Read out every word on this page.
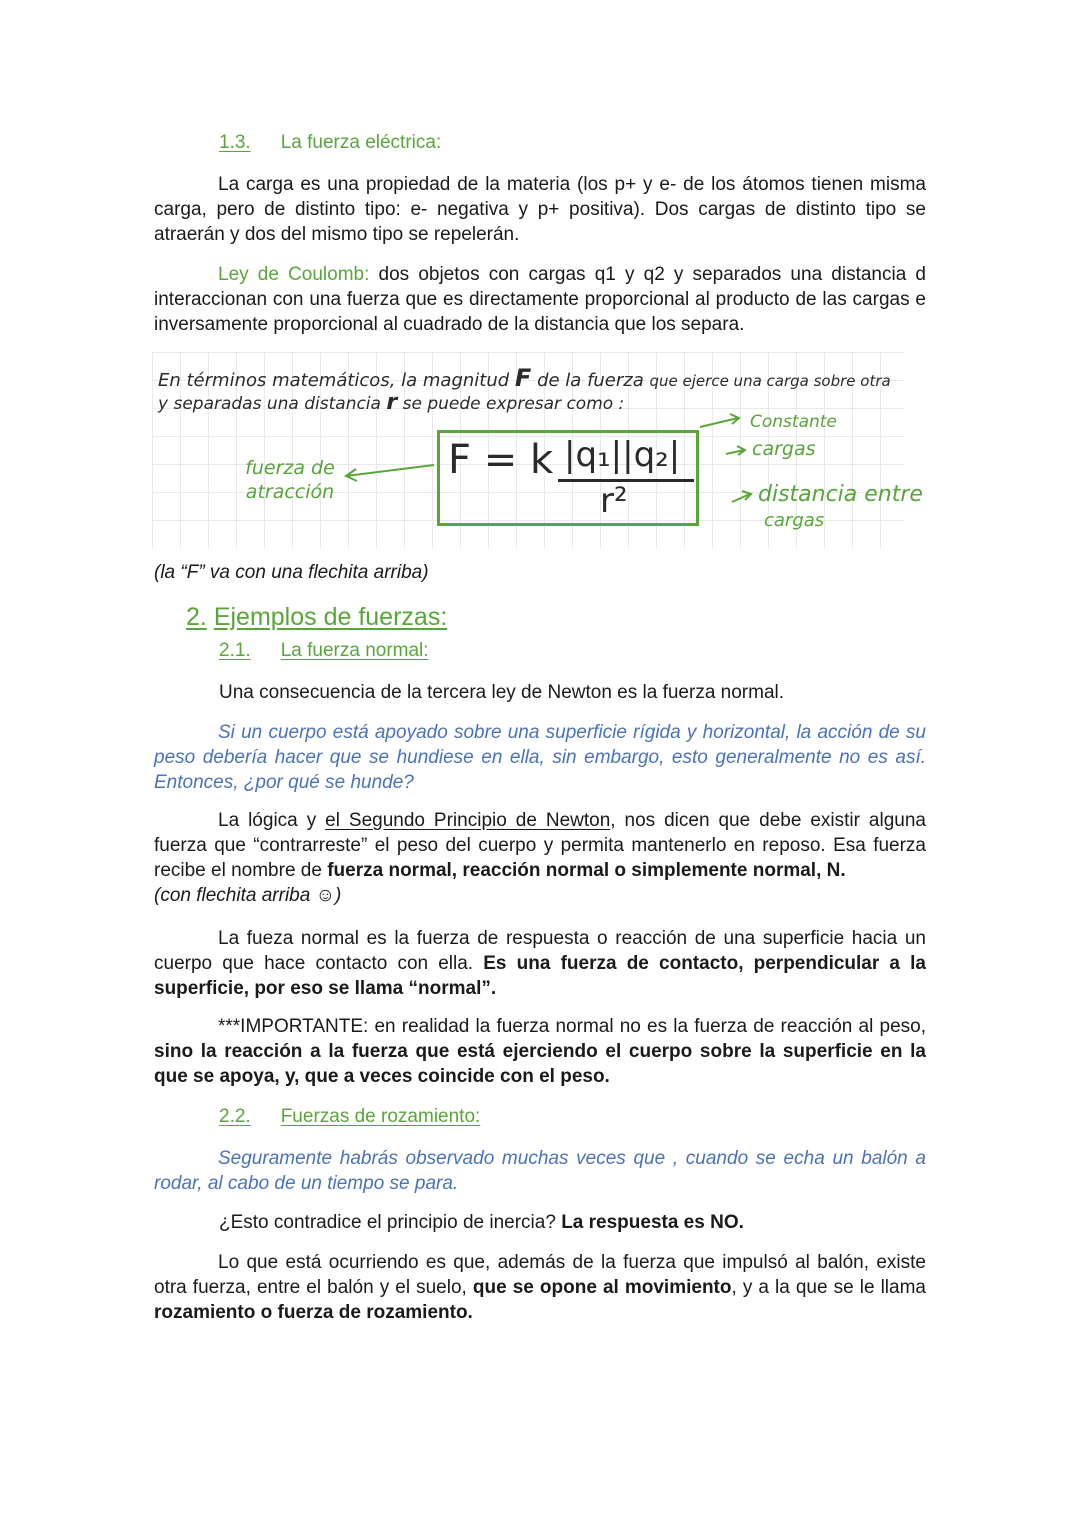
1.3. La fuerza eléctrica:

La carga es una propiedad de la materia (los p+ y e- de los átomos tienen misma carga, pero de distinto tipo: e- negativa y p+ positiva). Dos cargas de distinto tipo se atraerán y dos del mismo tipo se repelerán.

Ley de Coulomb: dos objetos con cargas q1 y q2 y separados una distancia d interaccionan con una fuerza que es directamente proporcional al producto de las cargas e inversamente proporcional al cuadrado de la distancia que los separa.

En términos matemáticos, la magnitud F de la fuerza que ejerce una carga sobre otra
y separadas una distancia r se puede expresar como :
fuerza de
atracción
F = k |q₁||q₂|
r²
Constante
cargas
distancia entre
cargas
(la “F” va con una flechita arriba)
2. Ejemplos de fuerzas:
2.1. La fuerza normal:
Una consecuencia de la tercera ley de Newton es la fuerza normal.

Si un cuerpo está apoyado sobre una superficie rígida y horizontal, la acción de su peso debería hacer que se hundiese en ella, sin embargo, esto generalmente no es así. Entonces, ¿por qué se hunde?

La lógica y el Segundo Principio de Newton, nos dicen que debe existir alguna fuerza que “contrarreste” el peso del cuerpo y permita mantenerlo en reposo. Esa fuerza recibe el nombre de fuerza normal, reacción normal o simplemente normal, N.
(con flechita arriba ☺)

La fueza normal es la fuerza de respuesta o reacción de una superficie hacia un cuerpo que hace contacto con ella. Es una fuerza de contacto, perpendicular a la superficie, por eso se llama “normal”.

***IMPORTANTE: en realidad la fuerza normal no es la fuerza de reacción al peso, sino la reacción a la fuerza que está ejerciendo el cuerpo sobre la superficie en la que se apoya, y, que a veces coincide con el peso.

2.2. Fuerzas de rozamiento:

Seguramente habrás observado muchas veces que , cuando se echa un balón a rodar, al cabo de un tiempo se para.

¿Esto contradice el principio de inercia? La respuesta es NO.

Lo que está ocurriendo es que, además de la fuerza que impulsó al balón, existe otra fuerza, entre el balón y el suelo, que se opone al movimiento, y a la que se le llama rozamiento o fuerza de rozamiento.
